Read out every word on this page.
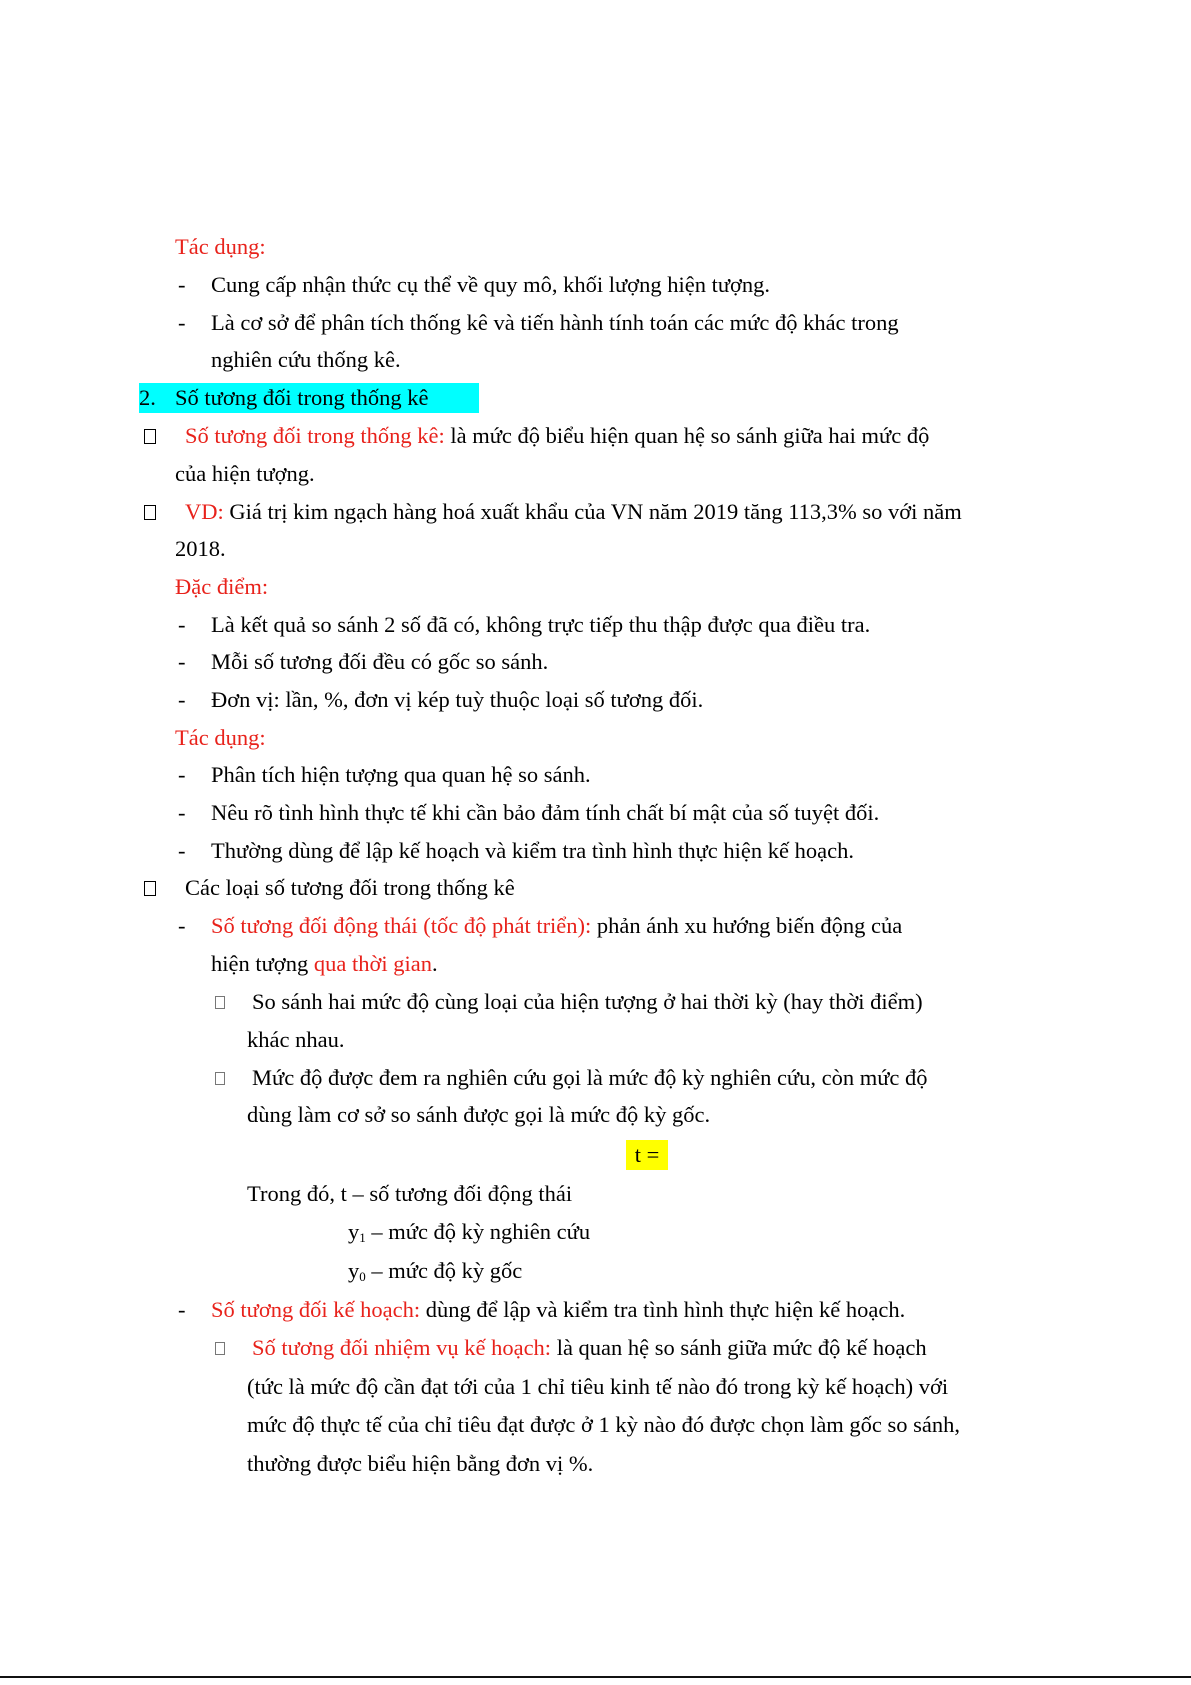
Tác dụng:
- Cung cấp nhận thức cụ thể về quy mô, khối lượng hiện tượng.
- Là cơ sở để phân tích thống kê và tiến hành tính toán các mức độ khác trong
nghiên cứu thống kê.
2. Số tương đối trong thống kê
Số tương đối trong thống kê: là mức độ biểu hiện quan hệ so sánh giữa hai mức độ
của hiện tượng.
VD: Giá trị kim ngạch hàng hoá xuất khẩu của VN năm 2019 tăng 113,3% so với năm
2018.
Đặc điểm:
- Là kết quả so sánh 2 số đã có, không trực tiếp thu thập được qua điều tra.
- Mỗi số tương đối đều có gốc so sánh.
- Đơn vị: lần, %, đơn vị kép tuỳ thuộc loại số tương đối.
Tác dụng:
- Phân tích hiện tượng qua quan hệ so sánh.
- Nêu rõ tình hình thực tế khi cần bảo đảm tính chất bí mật của số tuyệt đối.
- Thường dùng để lập kế hoạch và kiểm tra tình hình thực hiện kế hoạch.
Các loại số tương đối trong thống kê
- Số tương đối động thái (tốc độ phát triển): phản ánh xu hướng biến động của
hiện tượng qua thời gian.
So sánh hai mức độ cùng loại của hiện tượng ở hai thời kỳ (hay thời điểm)
khác nhau.
Mức độ được đem ra nghiên cứu gọi là mức độ kỳ nghiên cứu, còn mức độ
dùng làm cơ sở so sánh được gọi là mức độ kỳ gốc.
t =
Trong đó, t – số tương đối động thái
$y_1$ – mức độ kỳ nghiên cứu
$y_0$ – mức độ kỳ gốc
- Số tương đối kế hoạch: dùng để lập và kiểm tra tình hình thực hiện kế hoạch.
Số tương đối nhiệm vụ kế hoạch: là quan hệ so sánh giữa mức độ kế hoạch
(tức là mức độ cần đạt tới của 1 chỉ tiêu kinh tế nào đó trong kỳ kế hoạch) với
mức độ thực tế của chỉ tiêu đạt được ở 1 kỳ nào đó được chọn làm gốc so sánh,
thường được biểu hiện bằng đơn vị %.
